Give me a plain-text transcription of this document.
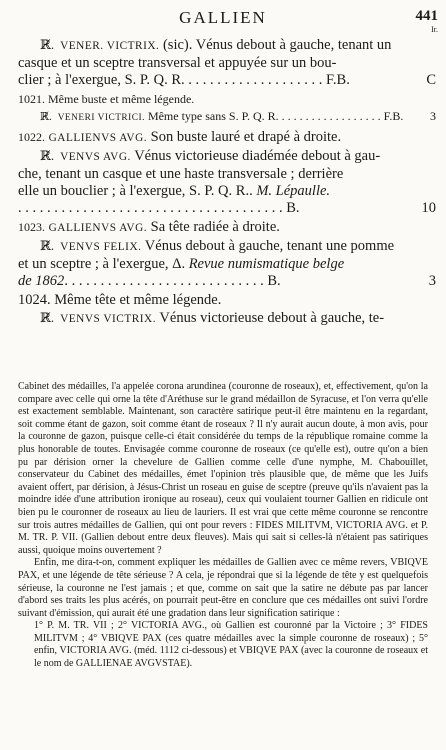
GALLIEN	441
Ir.
ℝ̸. VENER. VICTRIX. (sic). Vénus debout à gauche, tenant un
casque et un sceptre transversal et appuyée sur un bou-
clier ; à l'exergue, S. P. Q. R. . . . . . . . . . . . . . . . . . . . F.B.	C
1021. Même buste et même légende.
ℝ̸. VENERI VICTRICI. Même type sans S. P. Q. R. . . . . . . . . . . . . . . . . . F.B.	3
1022. GALLIENVS AVG. Son buste lauré et drapé à droite.
ℝ̸. VENVS AVG. Vénus victorieuse diadémée debout à gau-
che, tenant un casque et une haste transversale ; derrière
elle un bouclier ; à l'exergue, S. P. Q. R.. M. Lépaulle.
. . . . . . . . . . . . . . . . . . . . . . . . . . . . . . . . . . . . . B.	10
1023. GALLIENVS AVG. Sa tête radiée à droite.
ℝ̸. VENVS FELIX. Vénus debout à gauche, tenant une pomme
et un sceptre ; à l'exergue, Δ. Revue numismatique belge
de 1862. . . . . . . . . . . . . . . . . . . . . . . . . . . . B.	3
1024. Même tête et même légende.
ℝ̸. VENVS VICTRIX. Vénus victorieuse debout à gauche, te-

Cabinet des médailles, l'a appelée corona arundinea (couronne de roseaux), et, effectivement, qu'on la compare avec celle qui orne la tête d'Aréthuse sur le grand médaillon de Syracuse, et l'on verra qu'elle est exactement semblable. Maintenant, son caractère satirique peut-il être maintenu en la regardant, soit comme étant de gazon, soit comme étant de roseaux ? Il n'y aurait aucun doute, à mon avis, pour la couronne de gazon, puisque celle-ci était considérée du temps de la république romaine comme la plus honorable de toutes. Envisagée comme couronne de roseaux (ce qu'elle est), outre qu'on a bien pu par dérision orner la chevelure de Gallien comme celle d'une nymphe, M. Chabouillet, conservateur du Cabinet des médailles, émet l'opinion très plausible que, de même que les Juifs avaient offert, par dérision, à Jésus-Christ un roseau en guise de sceptre (preuve qu'ils n'avaient pas la moindre idée d'une attribution ironique au roseau), ceux qui voulaient tourner Gallien en ridicule ont bien pu le couronner de roseaux au lieu de lauriers. Il est vrai que cette même couronne se rencontre sur trois autres médailles de Gallien, qui ont pour revers : FIDES MILITVM, VICTORIA AVG. et P. M. TR. P. VII. (Gallien debout entre deux fleuves). Mais qui sait si celles-là n'étaient pas satiriques aussi, quoique moins ouvertement ?

Enfin, me dira-t-on, comment expliquer les médailles de Gallien avec ce même revers, VBIQVE PAX, et une légende de tête sérieuse ? A cela, je répondrai que si la légende de tête y est quelquefois sérieuse, la couronne ne l'est jamais ; et que, comme on sait que la satire ne débute pas par lancer d'abord ses traits les plus acérés, on pourrait peut-être en conclure que ces médailles ont suivi l'ordre suivant d'émission, qui aurait été une gradation dans leur signification satirique :

1° P. M. TR. VII ; 2° VICTORIA AVG., où Gallien est couronné par la Victoire ; 3° FIDES MILITVM ; 4° VBIQVE PAX (ces quatre médailles avec la simple couronne de roseaux) ; 5° enfin, VICTORIA AVG. (méd. 1112 ci-dessous) et VBIQVE PAX (avec la couronne de roseaux et le nom de GALLIENAE AVGVSTAE).
